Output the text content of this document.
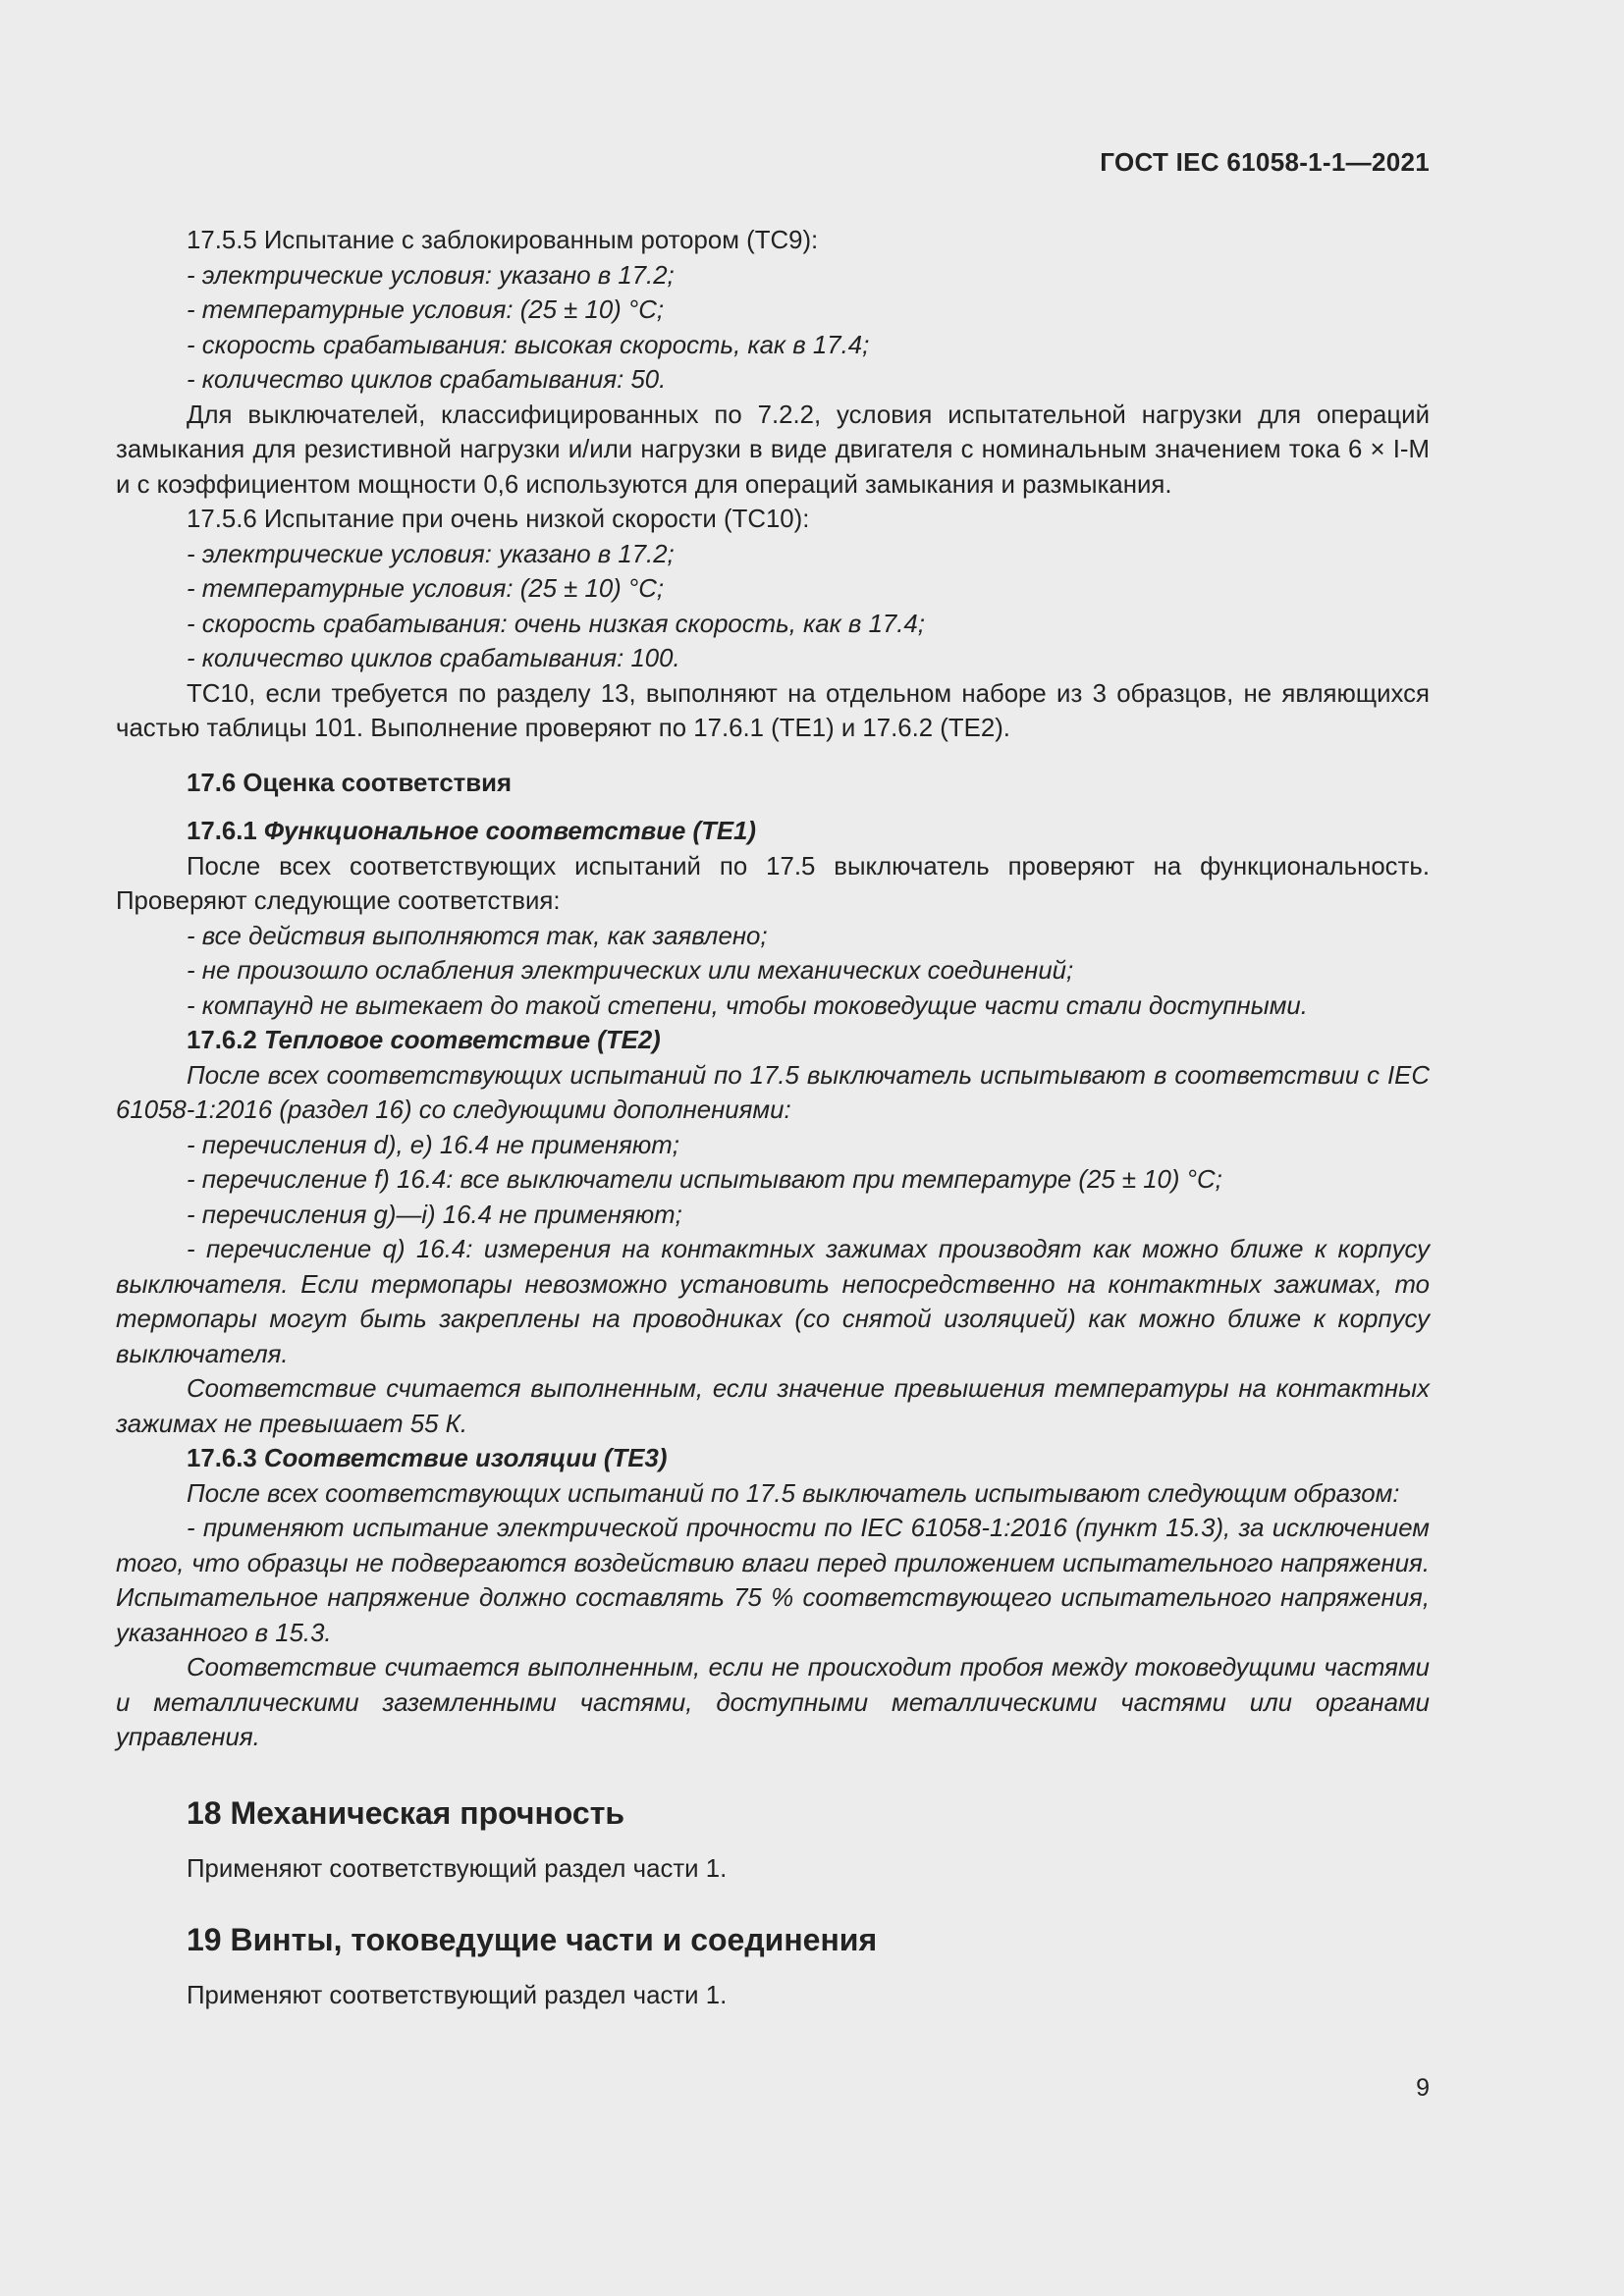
ГОСТ IEC 61058-1-1—2021

17.5.5 Испытание с заблокированным ротором (ТС9):

- электрические условия: указано в 17.2;

- температурные условия: (25 ± 10) °С;

- скорость срабатывания: высокая скорость, как в 17.4;

- количество циклов срабатывания: 50.

Для выключателей, классифицированных по 7.2.2, условия испытательной нагрузки для операций замыкания для резистивной нагрузки и/или нагрузки в виде двигателя с номинальным значением тока 6 × I-M и с коэффициентом мощности 0,6 используются для операций замыкания и размыкания.

17.5.6 Испытание при очень низкой скорости (ТС10):

- электрические условия: указано в 17.2;

- температурные условия: (25 ± 10) °С;

- скорость срабатывания: очень низкая скорость, как в 17.4;

- количество циклов срабатывания: 100.

ТС10, если требуется по разделу 13, выполняют на отдельном наборе из 3 образцов, не являющихся частью таблицы 101. Выполнение проверяют по 17.6.1 (ТЕ1) и 17.6.2 (ТЕ2).

17.6 Оценка соответствия

17.6.1 Функциональное соответствие (ТЕ1)

После всех соответствующих испытаний по 17.5 выключатель проверяют на функциональность. Проверяют следующие соответствия:

- все действия выполняются так, как заявлено;

- не произошло ослабления электрических или механических соединений;

- компаунд не вытекает до такой степени, чтобы токоведущие части стали доступными.

17.6.2 Тепловое соответствие (ТЕ2)

После всех соответствующих испытаний по 17.5 выключатель испытывают в соответствии с IEC 61058-1:2016 (раздел 16) со следующими дополнениями:

- перечисления d), e) 16.4 не применяют;

- перечисление f) 16.4: все выключатели испытывают при температуре (25 ± 10) °С;

- перечисления g)—i) 16.4 не применяют;

- перечисление q) 16.4: измерения на контактных зажимах производят как можно ближе к корпусу выключателя. Если термопары невозможно установить непосредственно на контактных зажимах, то термопары могут быть закреплены на проводниках (со снятой изоляцией) как можно ближе к корпусу выключателя.

Соответствие считается выполненным, если значение превышения температуры на контактных зажимах не превышает 55 К.

17.6.3 Соответствие изоляции (ТЕ3)

После всех соответствующих испытаний по 17.5 выключатель испытывают следующим образом:

- применяют испытание электрической прочности по IEC 61058-1:2016 (пункт 15.3), за исключением того, что образцы не подвергаются воздействию влаги перед приложением испытательного напряжения. Испытательное напряжение должно составлять 75 % соответствующего испытательного напряжения, указанного в 15.3.

Соответствие считается выполненным, если не происходит пробоя между токоведущими частями и металлическими заземленными частями, доступными металлическими частями или органами управления.

18 Механическая прочность

Применяют соответствующий раздел части 1.

19 Винты, токоведущие части и соединения

Применяют соответствующий раздел части 1.

9
